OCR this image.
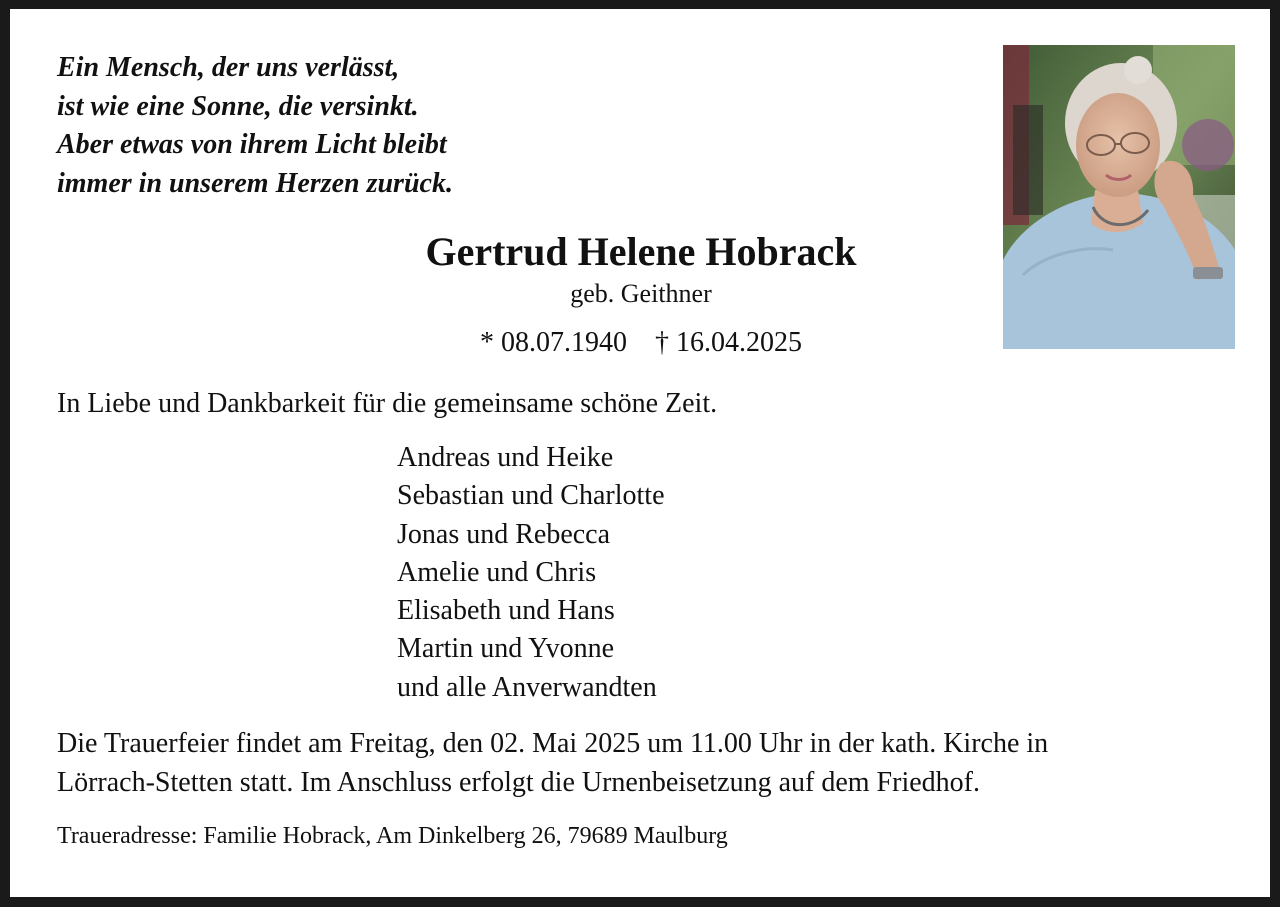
Ein Mensch, der uns verlässt,
ist wie eine Sonne, die versinkt.
Aber etwas von ihrem Licht bleibt
immer in unserem Herzen zurück.
Gertrud Helene Hobrack
geb. Geithner
* 08.07.1940 † 16.04.2025
In Liebe und Dankbarkeit für die gemeinsame schöne Zeit.
Andreas und Heike
Sebastian und Charlotte
Jonas und Rebecca
Amelie und Chris
Elisabeth und Hans
Martin und Yvonne
und alle Anverwandten
Die Trauerfeier findet am Freitag, den 02. Mai 2025 um 11.00 Uhr in der kath. Kirche in
Lörrach-Stetten statt. Im Anschluss erfolgt die Urnenbeisetzung auf dem Friedhof.
Traueradresse: Familie Hobrack, Am Dinkelberg 26, 79689 Maulburg
